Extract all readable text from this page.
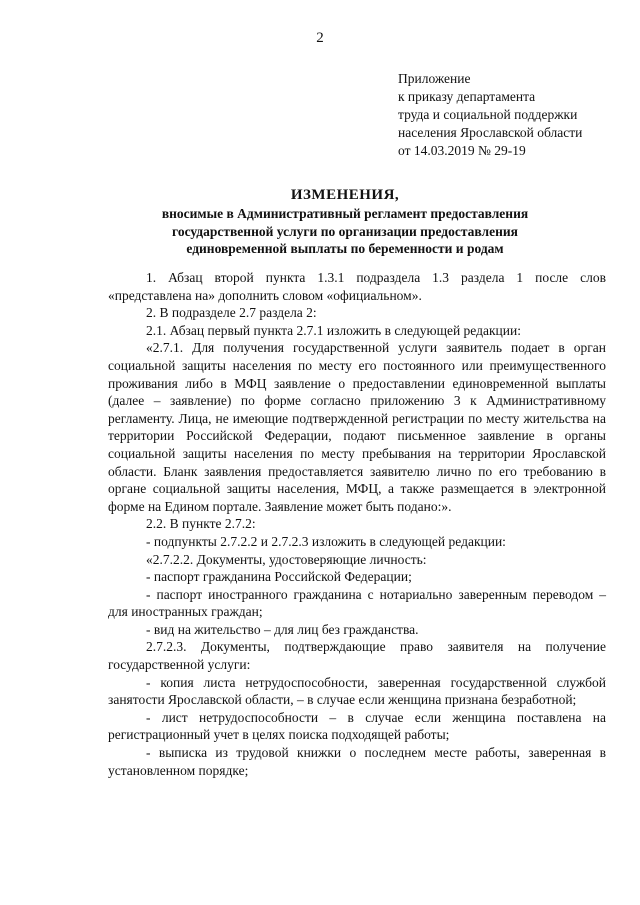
2
Приложение
к приказу департамента
труда и социальной поддержки
населения Ярославской области
от 14.03.2019 № 29-19
ИЗМЕНЕНИЯ,
вносимые в Административный регламент предоставления
государственной услуги по организации предоставления
единовременной выплаты по беременности и родам

1. Абзац второй пункта 1.3.1 подраздела 1.3 раздела 1 после слов «представлена на» дополнить словом «официальном».

2. В подразделе 2.7 раздела 2:

2.1. Абзац первый пункта 2.7.1 изложить в следующей редакции:

«2.7.1. Для получения государственной услуги заявитель подает в орган социальной защиты населения по месту его постоянного или преимущественного проживания либо в МФЦ заявление о предоставлении единовременной выплаты (далее – заявление) по форме согласно приложению 3 к Административному регламенту. Лица, не имеющие подтвержденной регистрации по месту жительства на территории Российской Федерации, подают письменное заявление в органы социальной защиты населения по месту пребывания на территории Ярославской области. Бланк заявления предоставляется заявителю лично по его требованию в органе социальной защиты населения, МФЦ, а также размещается в электронной форме на Едином портале. Заявление может быть подано:».

2.2. В пункте 2.7.2:

- подпункты 2.7.2.2 и 2.7.2.3 изложить в следующей редакции:

«2.7.2.2. Документы, удостоверяющие личность:

- паспорт гражданина Российской Федерации;

- паспорт иностранного гражданина с нотариально заверенным переводом – для иностранных граждан;

- вид на жительство – для лиц без гражданства.

2.7.2.3. Документы, подтверждающие право заявителя на получение государственной услуги:

- копия листа нетрудоспособности, заверенная государственной службой занятости Ярославской области, – в случае если женщина признана безработной;

- лист нетрудоспособности – в случае если женщина поставлена на регистрационный учет в целях поиска подходящей работы;

- выписка из трудовой книжки о последнем месте работы, заверенная в установленном порядке;
